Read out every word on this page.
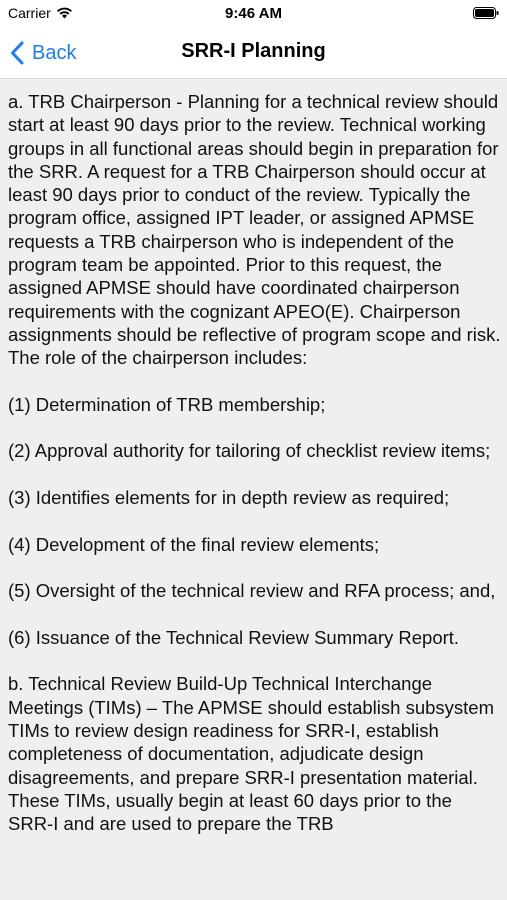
Carrier	9:46 AM
Back	SRR-I Planning

a. TRB Chairperson - Planning for a technical review should start at least 90 days prior to the review. Technical working groups in all functional areas should begin in preparation for the SRR. A request for a TRB Chairperson should occur at least 90 days prior to conduct of the review. Typically the program office, assigned IPT leader, or assigned APMSE requests a TRB chairperson who is independent of the program team be appointed. Prior to this request, the assigned APMSE should have coordinated chairperson requirements with the cognizant APEO(E). Chairperson assignments should be reflective of program scope and risk. The role of the chairperson includes:

(1) Determination of TRB membership;

(2) Approval authority for tailoring of checklist review items;

(3) Identifies elements for in depth review as required;

(4) Development of the final review elements;

(5) Oversight of the technical review and RFA process; and,

(6) Issuance of the Technical Review Summary Report.

b. Technical Review Build-Up Technical Interchange Meetings (TIMs) – The APMSE should establish subsystem TIMs to review design readiness for SRR-I, establish completeness of documentation, adjudicate design disagreements, and prepare SRR-I presentation material. These TIMs, usually begin at least 60 days prior to the SRR-I and are used to prepare the TRB
